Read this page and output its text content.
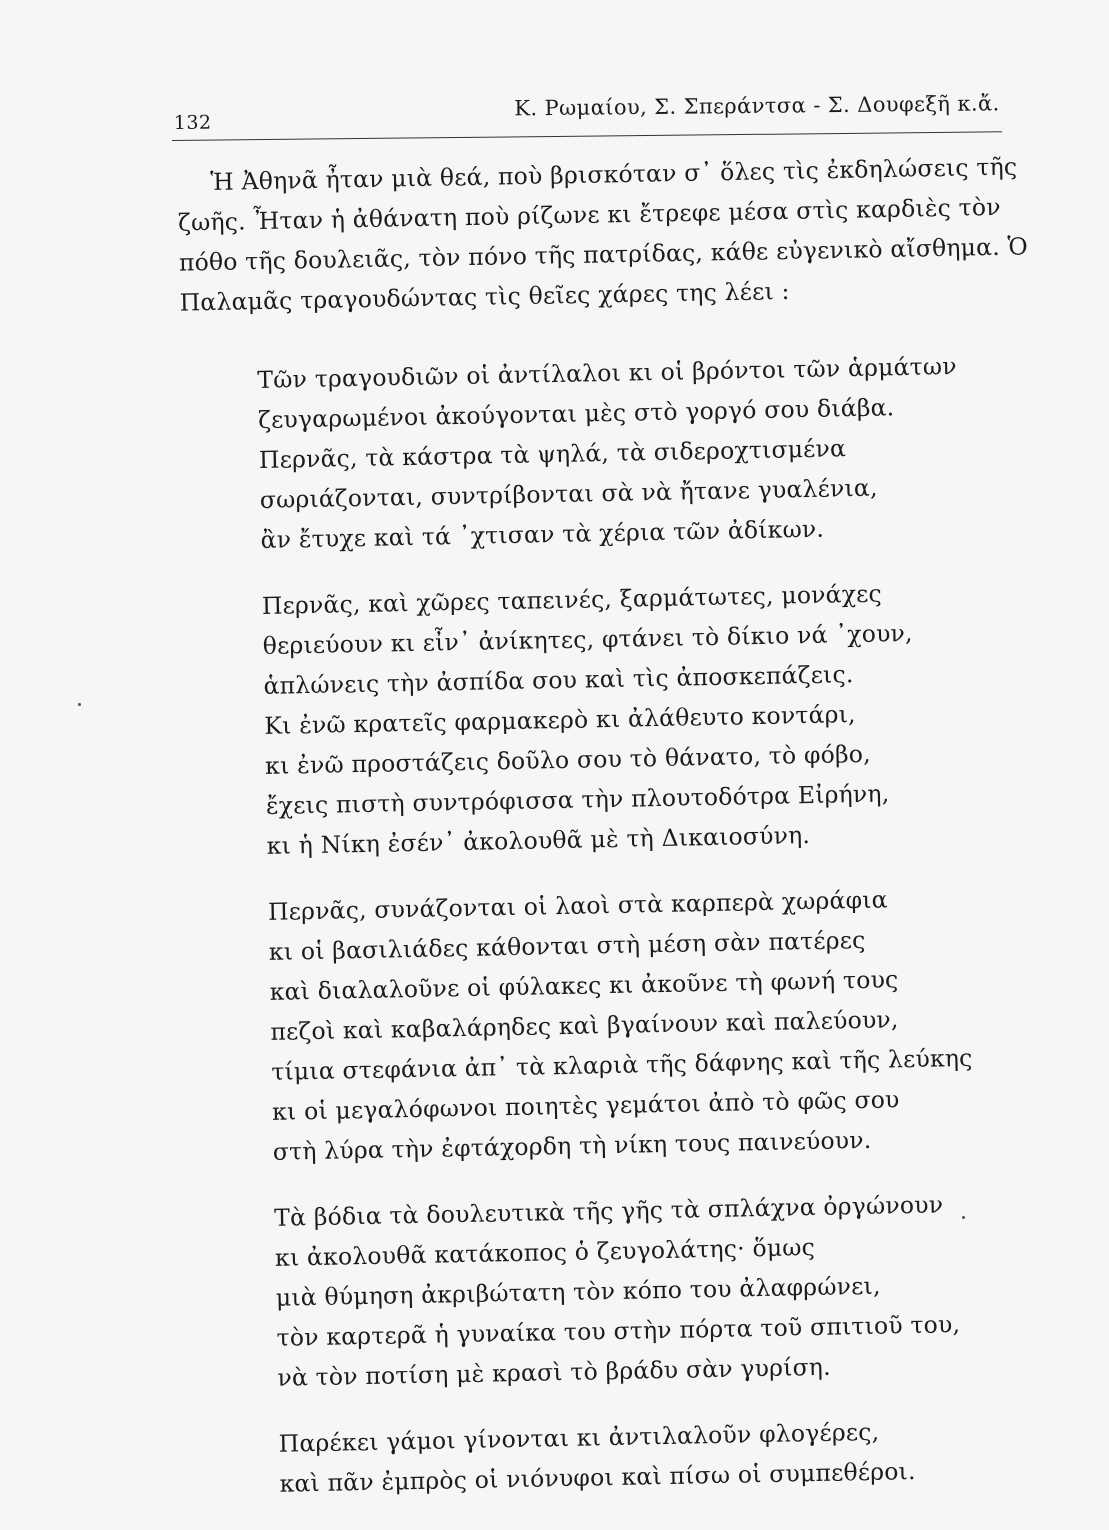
132
Κ. Ρωμαίου, Σ. Σπεράντσα - Σ. Δουφεξῆ κ.ἄ.
Ἡ Ἀθηνᾶ ἦταν μιὰ θεά, ποὺ βρισκόταν σ᾽ ὅλες τὶς ἐκδηλώσεις τῆς
ζωῆς. Ἦταν ἡ ἀθάνατη ποὺ ρίζωνε κι ἔτρεφε μέσα στὶς καρδιὲς τὸν
πόθο τῆς δουλειᾶς, τὸν πόνο τῆς πατρίδας, κάθε εὐγενικὸ αἴσθημα. Ὁ
Παλαμᾶς τραγουδώντας τὶς θεῖες χάρες της λέει :
Τῶν τραγουδιῶν οἱ ἀντίλαλοι κι οἱ βρόντοι τῶν ἁρμάτων
ζευγαρωμένοι ἀκούγονται μὲς στὸ γοργό σου διάβα.
Περνᾶς, τὰ κάστρα τὰ ψηλά, τὰ σιδεροχτισμένα
σωριάζονται, συντρίβονται σὰ νὰ ἤτανε γυαλένια,
ἂν ἔτυχε καὶ τά ᾽χτισαν τὰ χέρια τῶν ἀδίκων.
Περνᾶς, καὶ χῶρες ταπεινές, ξαρμάτωτες, μονάχες
θεριεύουν κι εἶν᾽ ἀνίκητες, φτάνει τὸ δίκιο νά ᾽χουν,
ἁπλώνεις τὴν ἀσπίδα σου καὶ τὶς ἀποσκεπάζεις.
Κι ἐνῶ κρατεῖς φαρμακερὸ κι ἀλάθευτο κοντάρι,
κι ἐνῶ προστάζεις δοῦλο σου τὸ θάνατο, τὸ φόβο,
ἔχεις πιστὴ συντρόφισσα τὴν πλουτοδότρα Εἰρήνη,
κι ἡ Νίκη ἐσέν᾽ ἀκολουθᾶ μὲ τὴ Δικαιοσύνη.
Περνᾶς, συνάζονται οἱ λαοὶ στὰ καρπερὰ χωράφια
κι οἱ βασιλιάδες κάθονται στὴ μέση σὰν πατέρες
καὶ διαλαλοῦνε οἱ φύλακες κι ἀκοῦνε τὴ φωνή τους
πεζοὶ καὶ καβαλάρηδες καὶ βγαίνουν καὶ παλεύουν,
τίμια στεφάνια ἀπ᾽ τὰ κλαριὰ τῆς δάφνης καὶ τῆς λεύκης
κι οἱ μεγαλόφωνοι ποιητὲς γεμάτοι ἀπὸ τὸ φῶς σου
στὴ λύρα τὴν ἐφτάχορδη τὴ νίκη τους παινεύουν.
Τὰ βόδια τὰ δουλευτικὰ τῆς γῆς τὰ σπλάχνα ὀργώνουν
κι ἀκολουθᾶ κατάκοπος ὁ ζευγολάτης· ὅμως
μιὰ θύμηση ἀκριβώτατη τὸν κόπο του ἀλαφρώνει,
τὸν καρτερᾶ ἡ γυναίκα του στὴν πόρτα τοῦ σπιτιοῦ του,
νὰ τὸν ποτίση μὲ κρασὶ τὸ βράδυ σὰν γυρίση.
Παρέκει γάμοι γίνονται κι ἀντιλαλοῦν φλογέρες,
καὶ πᾶν ἐμπρὸς οἱ νιόνυφοι καὶ πίσω οἱ συμπεθέροι.
